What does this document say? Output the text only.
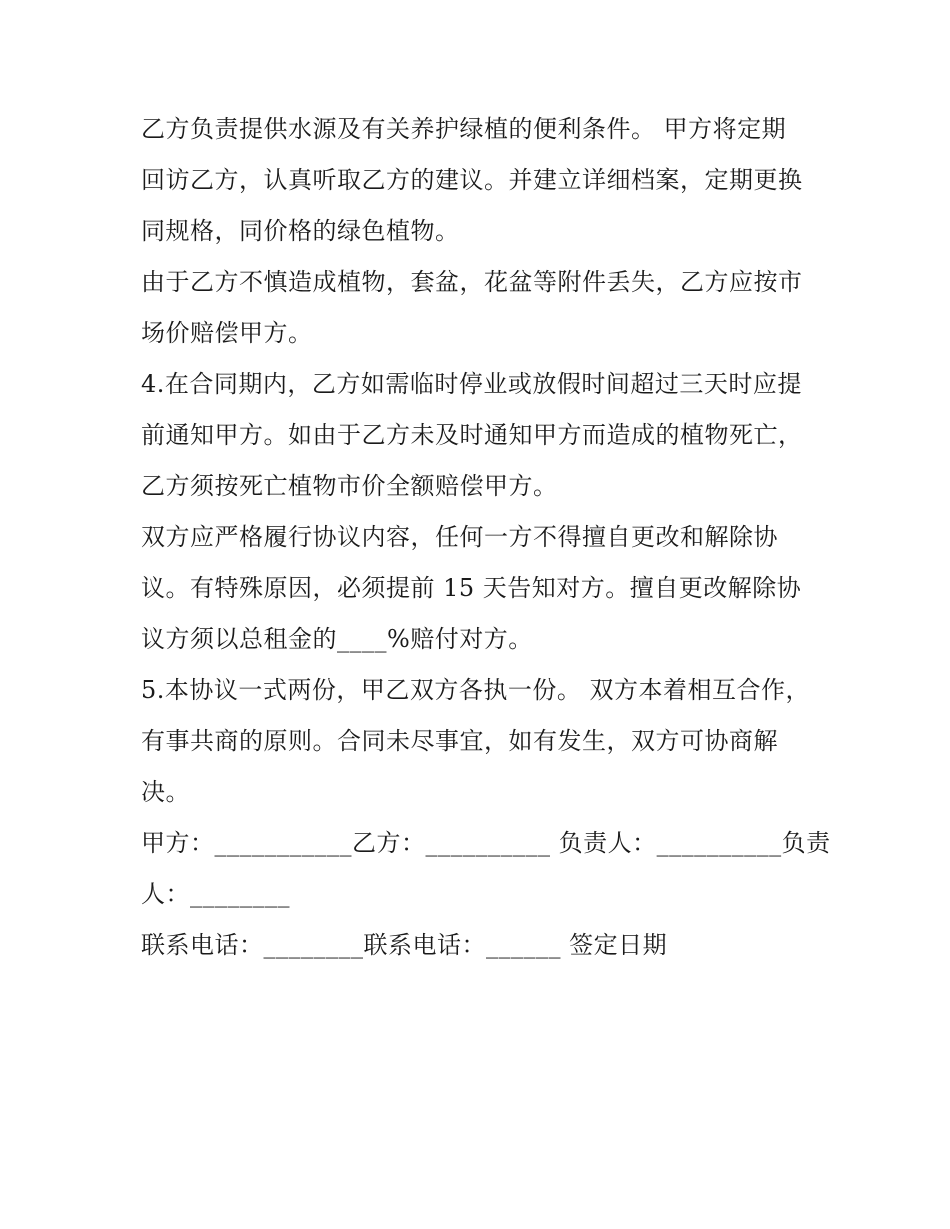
乙方负责提供水源及有关养护绿植的便利条件。 甲方将定期
回访乙方，认真听取乙方的建议。并建立详细档案，定期更换
同规格，同价格的绿色植物。
由于乙方不慎造成植物，套盆，花盆等附件丢失，乙方应按市
场价赔偿甲方。
4.在合同期内，乙方如需临时停业或放假时间超过三天时应提
前通知甲方。如由于乙方未及时通知甲方而造成的植物死亡，
乙方须按死亡植物市价全额赔偿甲方。
双方应严格履行协议内容，任何一方不得擅自更改和解除协
议。有特殊原因，必须提前 15 天告知对方。擅自更改解除协
议方须以总租金的____%赔付对方。
5.本协议一式两份，甲乙双方各执一份。 双方本着相互合作，
有事共商的原则。合同未尽事宜，如有发生，双方可协商解
决。
甲方：___________乙方：__________ 负责人：__________负责
人：________
联系电话：________联系电话：______ 签定日期
